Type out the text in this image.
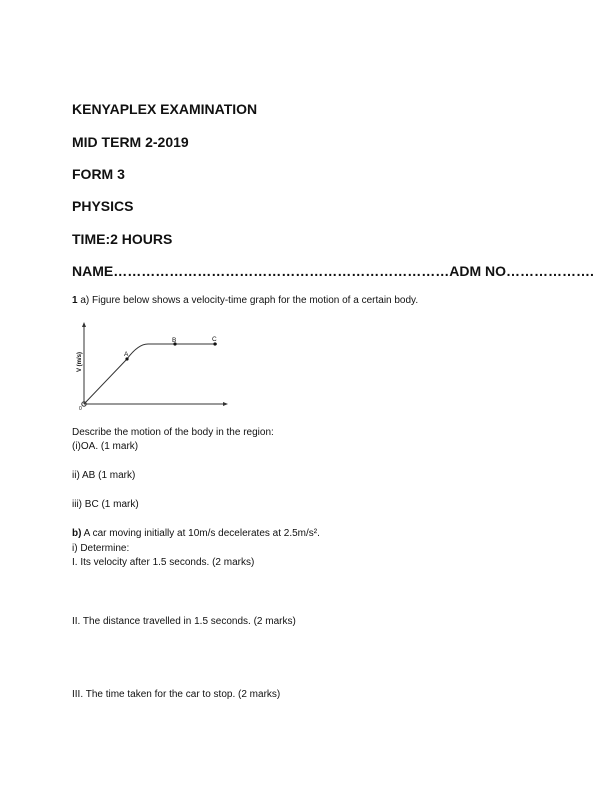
KENYAPLEX EXAMINATION
MID TERM 2-2019
FORM 3
PHYSICS
TIME:2 HOURS
NAME………………………………………………………………ADM NO……………….
1 a) Figure below shows a velocity-time graph for the motion of a certain body.
V (m/s)	A
B	C
0
Describe the motion of the body in the region:
(i)OA. (1 mark)
ii) AB (1 mark)
iii) BC (1 mark)
b) A car moving initially at 10m/s decelerates at 2.5m/s².
i) Determine:
I. Its velocity after 1.5 seconds. (2 marks)
II. The distance travelled in 1.5 seconds. (2 marks)
III. The time taken for the car to stop. (2 marks)
